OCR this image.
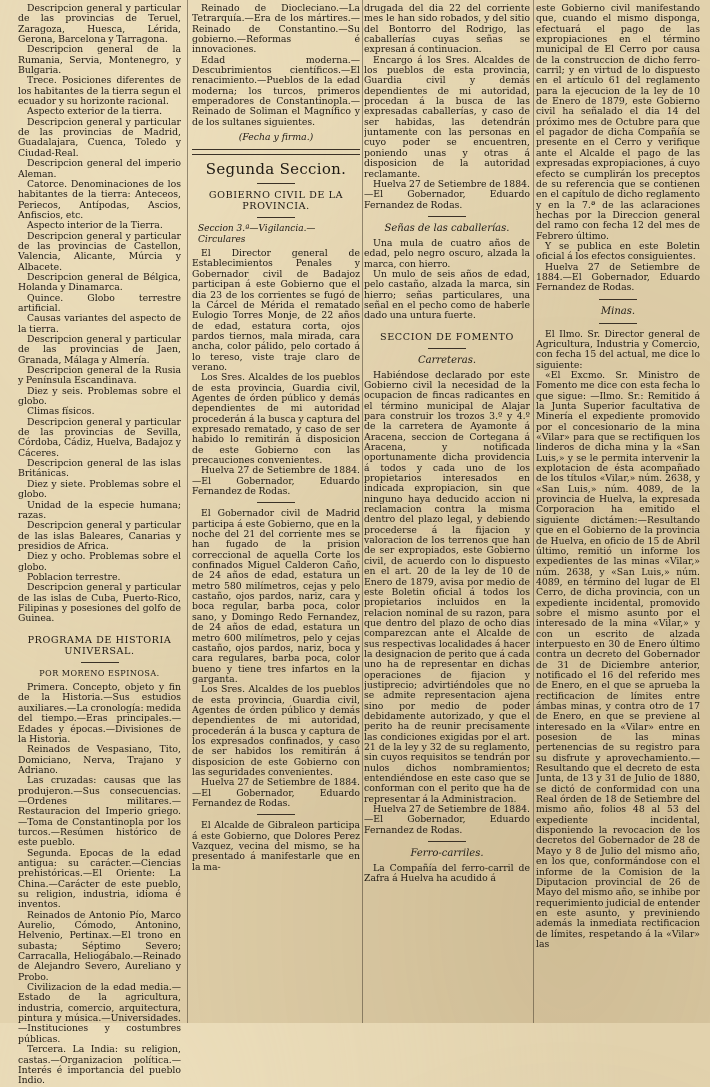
Descripcion general y particular de las provincias de Teruel, Zaragoza, Huesca, Lérida, Gerona, Barcelona y Tarragona.

Descripcion general de la Rumania, Servia, Montenegro, y Bulgaria.

Trece. Posiciones diferentes de los habitantes de la tierra segun el ecuador y su horizonte racional.

Aspecto exterior de la tierra.

Descripcion general y particular de las provincias de Madrid, Guadalajara, Cuenca, Toledo y Ciudad-Real.

Descripcion general del imperio Aleman.

Catorce. Denominaciones de los habitantes de la tierra: Anteceos, Periecos, Antípodas, Ascios, Anfiscios, etc.

Aspecto interior de la Tierra.

Descripcion general y particular de las provincias de Castellon, Valencia, Alicante, Múrcia y Albacete.

Descripcion general de Bélgica, Holanda y Dinamarca.

Quince. Globo terrestre artificial.

Causas variantes del aspecto de la tierra.

Descripcion general y particular de las provincias de Jaen, Granada, Málaga y Almería.

Descripcion general de la Rusia y Península Escandinava.

Diez y seis. Problemas sobre el globo.

Climas físicos.

Descripcion general y particular de las provincias de Sevilla, Córdoba, Cádiz, Huelva, Badajoz y Cáceres.

Descripcion general de las islas Británicas.

Diez y siete. Problemas sobre el globo.

Unidad de la especie humana; razas.

Descripcion general y particular de las islas Baleares, Canarias y presidios de Africa.

Diez y ocho. Problemas sobre el globo.

Poblacion terrestre.

Descripcion general y particular de las islas de Cuba, Puerto-Rico, Filipinas y posesiones del golfo de Guinea.

PROGRAMA DE HISTORIA UNIVERSAL.

POR MORENO ESPINOSA.

Primera. Concepto, objeto y fin de la Historia.—Sus estudios auxiliares.—La cronología: medida del tiempo.—Eras principales.—Edades y épocas.—Divisiones de la Historia.

Reinados de Vespasiano, Tito, Domiciano, Nerva, Trajano y Adriano.

Las cruzadas: causas que las produjeron.—Sus consecuencias.—Ordenes militares.—Restauracion del Imperio griego.—Toma de Constantinopla por los turcos.—Resúmen histórico de este pueblo.

Segunda. Epocas de la edad antigua: su carácter.—Ciencias prehistóricas.—El Oriente: La China.—Carácter de este pueblo, su religion, industria, idioma é inventos.

Reinados de Antonio Pío, Marco Aurelio, Cómodo, Antonino, Helvenio, Pertinax.—El trono en subasta; Séptimo Severo; Carracalla, Heliogábalo.—Reinado de Alejandro Severo, Aureliano y Probo.

Civilizacion de la edad media.—Estado de la agricultura, industria, comercio, arquitectura, pintura y música.—Universidades.—Instituciones y costumbres públicas.

Tercera. La India: su religion, castas.—Organizacion política.—Interés é importancia del pueblo Indio.

Reinado de Diocleciano.—La Tetrarquía.—Era de los mártires.—Reinado de Constantino.—Su gobierno.—Reformas é innovaciones.

Edad moderna.—Descubrimientos científicos.—El renacimiento.—Pueblos de la edad moderna; los turcos, primeros emperadores de Constantinopla.—Reinado de Soliman el Magnífico y de los sultanes siguientes.

(Fecha y firma.)

Segunda Seccion.

GOBIERNO CIVIL DE LA PROVINCIA.

Seccion 3.ª—Vigilancia.—Circulares

El Director general de Establecimientos Penales y Gobernador civil de Badajoz participan á este Gobierno que el dia 23 de los corrientes se fugó de la Cárcel de Mérida el rematado Eulogio Torres Monje, de 22 años de edad, estatura corta, ojos pardos tiernos, mala mirada, cara ancha, color pálido, pelo cortado á lo tereso, viste traje claro de verano.

Los Sres. Alcaldes de los pueblos de esta provincia, Guardia civil, Agentes de órden público y demás dependientes de mi autoridad procederán á la busca y captura del expresado rematado, y caso de ser habido lo remitirán á disposicion de este Gobierno con las precauciones convenientes.

Huelva 27 de Setiembre de 1884.—El Gobernador, Eduardo Fernandez de Rodas.

El Gobernador civil de Madrid participa á este Gobierno, que en la noche del 21 del corriente mes se han fugado de la prision correccional de aquella Corte los confinados Miguel Calderon Caño, de 24 años de edad, estatura un metro 580 milímetros, cejas y pelo castaño, ojos pardos, nariz, cara y boca regular, barba poca, color sano, y Domingo Redo Fernandez, de 24 años de edad, estatura un metro 600 milímetros, pelo y cejas castaño, ojos pardos, nariz, boca y cara regulares, barba poca, color bueno y tiene tres infartos en la garganta.

Los Sres. Alcaldes de los pueblos de esta provincia, Guardia civil, Agentes de órden público y demás dependientes de mi autoridad, procederán á la busca y captura de los expresados confinados, y caso de ser habidos los remitirán á disposicion de este Gobierno con las seguridades convenientes.

Huelva 27 de Setiembre de 1884.—El Gobernador, Eduardo Fernandez de Rodas.

El Alcalde de Gibraleon participa á este Gobierno, que Dolores Perez Vazquez, vecina del mismo, se ha presentado á manifestarle que en la ma-

drugada del dia 22 del corriente mes le han sido robados, y del sitio del Bontorro del Rodrigo, las caballerías cuyas señas se expresan á continuacion.

Encargo á los Sres. Alcaldes de los pueblos de esta provincia, Guardia civil y demás dependientes de mi autoridad, procedan á la busca de las expresadas caballerías, y caso de ser habidas, las detendrán juntamente con las personas en cuyo poder se encuentren, poniendo unas y otras á disposicion de la autoridad reclamante.

Huelva 27 de Setiembre de 1884.—El Gobernador, Eduardo Fernandez de Rodas.

Señas de las caballerías.

Una mula de cuatro años de edad, pelo negro oscuro, alzada la marca, con hierro.

Un mulo de seis años de edad, pelo castaño, alzada la marca, sin hierro; señas particulares, una señal en el pecho como de haberle dado una untura fuerte.

SECCION DE FOMENTO

Carreteras.

Habiéndose declarado por este Gobierno civil la necesidad de la ocupacion de fincas radicantes en el término municipal de Alajar para construir los trozos 3.º y 4.º de la carretera de Ayamonte á Aracena, seccion de Cortegana á Aracena, y notificada oportunamente dicha providencia á todos y cada uno de los propietarios interesados en indicada expropiacion, sin que ninguno haya deducido accion ni reclamacion contra la misma dentro del plazo legal, y debiendo procederse á la fijacion y valoracion de los terrenos que han de ser expropiados, este Gobierno civil, de acuerdo con lo dispuesto en el art. 20 de la ley de 10 de Enero de 1879, avisa por medio de este Boletin oficial á todos los propietarios incluidos en la relacion nominal de su razon, para que dentro del plazo de ocho dias comparezcan ante el Alcalde de sus respectivas localidades á hacer la designacion de perito que á cada uno ha de representar en dichas operaciones de fijacion y justiprecio; advirtiéndoles que no se admite representacion ajena sino por medio de poder debidamente autorizado, y que el perito ha de reunir precisamente las condiciones exigidas por el art. 21 de la ley y 32 de su reglamento, sin cuyos requisitos se tendrán por nulos dichos nombramientos; entendiéndose en este caso que se conforman con el perito que ha de representar á la Administracion.

Huelva 27 de Setiembre de 1884.—El Gobernador, Eduardo Fernandez de Rodas.

Ferro-carriles.

La Compañía del ferro-carril de Zafra á Huelva ha acudido á

este Gobierno civil manifestando que, cuando el mismo disponga, efectuará el pago de las expropiaciones en el término municipal de El Cerro por causa de la construccion de dicho ferro-carril; y en virtud de lo dispuesto en el artículo 61 del reglamento para la ejecucion de la ley de 10 de Enero de 1879, este Gobierno civil ha señalado el dia 14 del próximo mes de Octubre para que el pagador de dicha Compañía se presente en el Cerro y verifique ante el Alcalde el pago de las expresadas expropiaciones, á cuyo efecto se cumplirán los preceptos de su referencia que se contienen en el capítulo de dicho reglamento y en la 7.ª de las aclaraciones hechas por la Direccion general del ramo con fecha 12 del mes de Febrero último.

Y se publica en este Boletin oficial á los efectos consiguientes.

Huelva 27 de Setiembre de 1884.—El Gobernador, Eduardo Fernandez de Rodas.

Minas.

El Ilmo. Sr. Director general de Agricultura, Industria y Comercio, con fecha 15 del actual, me dice lo siguiente:

«El Excmo. Sr. Ministro de Fomento me dice con esta fecha lo que sigue: —Ilmo. Sr.: Remitido á la Junta Superior facultativa de Minería el expediente promovido por el concesionario de la mina «Vilar» para que se rectifiquen los linderos de dicha mina y la «San Luis,» y se le permita intervenir la explotacion de ésta acompañado de los títulos «Vilar,» núm. 2638, y «San Luis,» núm. 4089, de la provincia de Huelva, la expresada Corporacion ha emitido el siguiente dictámen:—Resultando que en el Gobierno de la provincia de Huelva, en oficio de 15 de Abril último, remitió un informe los expedientes de las minas «Vilar,» núm. 2638, y «San Luis,» núm. 4089, en término del lugar de El Cerro, de dicha provincia, con un expediente incidental, promovido sobre el mismo asunto por el interesado de la mina «Vilar,» y con un escrito de alzada interpuesto en 30 de Enero último contra un decreto del Gobernador de 31 de Diciembre anterior, notificado el 16 del referido mes de Enero, en el que se aprueba la rectificacion de límites entre ámbas minas, y contra otro de 17 de Enero, en que se previene al interesado en la «Vilar» entre en posesion de las minas pertenencias de su registro para su disfrute y aprovechamiento.—Resultando que el decreto de esta Junta, de 13 y 31 de Julio de 1880, se dictó de conformidad con una Real órden de 18 de Setiembre del mismo año, folios 48 al 53 del expediente incidental, disponiendo la revocacion de los decretos del Gobernador de 28 de Mayo y 8 de Julio del mismo año, en los que, conformándose con el informe de la Comision de la Diputacion provincial de 26 de Mayo del mismo año, se inhibe por requerimiento judicial de entender en este asunto, y previniendo además la inmediata rectificacion de límites, respetando á la «Vilar» las
